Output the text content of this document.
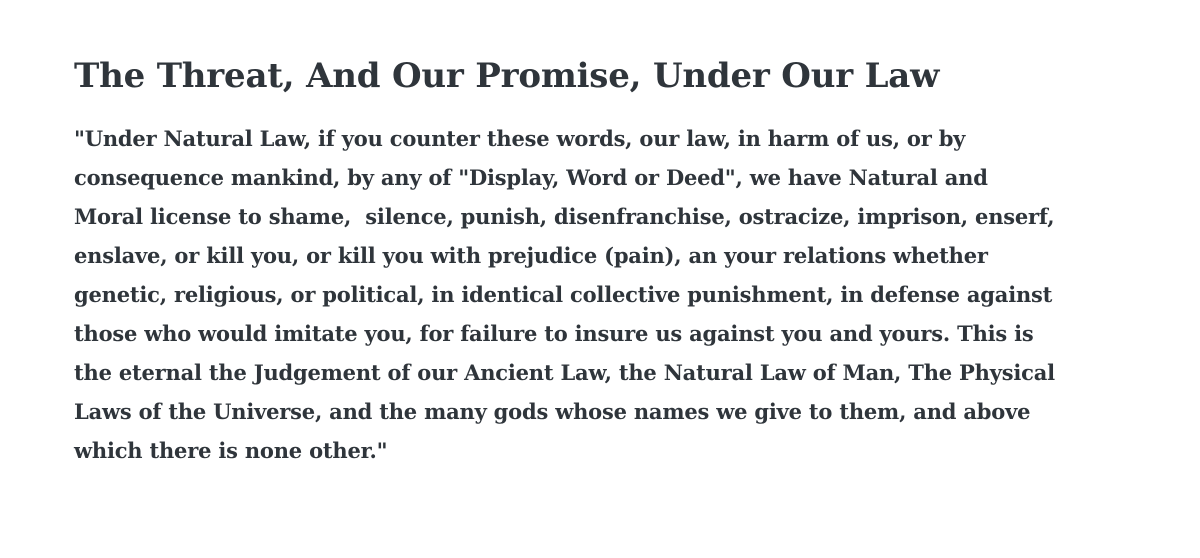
The Threat, And Our Promise, Under Our Law

"Under Natural Law, if you counter these words, our law, in harm of us, or by
consequence mankind, by any of "Display, Word or Deed", we have Natural and
Moral license to shame,  silence, punish, disenfranchise, ostracize, imprison, enserf,
enslave, or kill you, or kill you with prejudice (pain), an your relations whether
genetic, religious, or political, in identical collective punishment, in defense against
those who would imitate you, for failure to insure us against you and yours. This is
the eternal the Judgement of our Ancient Law, the Natural Law of Man, The Physical
Laws of the Universe, and the many gods whose names we give to them, and above
which there is none other."
